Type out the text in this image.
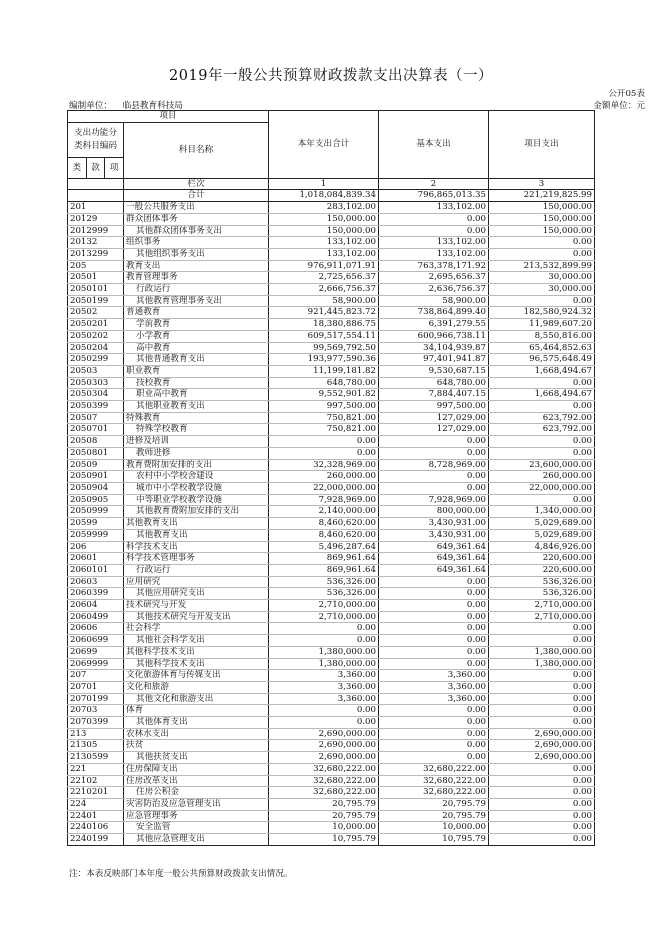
2019年一般公共预算财政拨款支出决算表（一）
公开05表
编制单位： 临县教育科技局	金额单位：元
项目		本年支出合计	基本支出	项目支出
支出功能分类科目编码	科目名称			

类 款 项				

	栏次	1	2	3
	合计	1,018,084,839.34	796,865,013.35	221,219,825.99
201	一般公共服务支出	283,102.00	133,102.00	150,000.00
20129	群众团体事务	150,000.00	0.00	150,000.00
2012999	其他群众团体事务支出	150,000.00	0.00	150,000.00
20132	组织事务	133,102.00	133,102.00	0.00
2013299	其他组织事务支出	133,102.00	133,102.00	0.00
205	教育支出	976,911,071.91	763,378,171.92	213,532,899.99
20501	教育管理事务	2,725,656.37	2,695,656.37	30,000.00
2050101	行政运行	2,666,756.37	2,636,756.37	30,000.00
2050199	其他教育管理事务支出	58,900.00	58,900.00	0.00
20502	普通教育	921,445,823.72	738,864,899.40	182,580,924.32
2050201	学前教育	18,380,886.75	6,391,279.55	11,989,607.20
2050202	小学教育	609,517,554.11	600,966,738.11	8,550,816.00
2050204	高中教育	99,569,792.50	34,104,939.87	65,464,852.63
2050299	其他普通教育支出	193,977,590.36	97,401,941.87	96,575,648.49
20503	职业教育	11,199,181.82	9,530,687.15	1,668,494.67
2050303	技校教育	648,780.00	648,780.00	0.00
2050304	职业高中教育	9,552,901.82	7,884,407.15	1,668,494.67
2050399	其他职业教育支出	997,500.00	997,500.00	0.00
20507	特殊教育	750,821.00	127,029.00	623,792.00
2050701	特殊学校教育	750,821.00	127,029.00	623,792.00
20508	进修及培训	0.00	0.00	0.00
2050801	教师进修	0.00	0.00	0.00
20509	教育费附加安排的支出	32,328,969.00	8,728,969.00	23,600,000.00
2050901	农村中小学校舍建设	260,000.00	0.00	260,000.00
2050904	城市中小学校教学设施	22,000,000.00	0.00	22,000,000.00
2050905	中等职业学校教学设施	7,928,969.00	7,928,969.00	0.00
2050999	其他教育费附加安排的支出	2,140,000.00	800,000.00	1,340,000.00
20599	其他教育支出	8,460,620.00	3,430,931.00	5,029,689.00
2059999	其他教育支出	8,460,620.00	3,430,931.00	5,029,689.00
206	科学技术支出	5,496,287.64	649,361.64	4,846,926.00
20601	科学技术管理事务	869,961.64	649,361.64	220,600.00
2060101	行政运行	869,961.64	649,361.64	220,600.00
20603	应用研究	536,326.00	0.00	536,326.00
2060399	其他应用研究支出	536,326.00	0.00	536,326.00
20604	技术研究与开发	2,710,000.00	0.00	2,710,000.00
2060499	其他技术研究与开发支出	2,710,000.00	0.00	2,710,000.00
20606	社会科学	0.00	0.00	0.00
2060699	其他社会科学支出	0.00	0.00	0.00
20699	其他科学技术支出	1,380,000.00	0.00	1,380,000.00
2069999	其他科学技术支出	1,380,000.00	0.00	1,380,000.00
207	文化旅游体育与传媒支出	3,360.00	3,360.00	0.00
20701	文化和旅游	3,360.00	3,360.00	0.00
2070199	其他文化和旅游支出	3,360.00	3,360.00	0.00
20703	体育	0.00	0.00	0.00
2070399	其他体育支出	0.00	0.00	0.00
213	农林水支出	2,690,000.00	0.00	2,690,000.00
21305	扶贫	2,690,000.00	0.00	2,690,000.00
2130599	其他扶贫支出	2,690,000.00	0.00	2,690,000.00
221	住房保障支出	32,680,222.00	32,680,222.00	0.00
22102	住房改革支出	32,680,222.00	32,680,222.00	0.00
2210201	住房公积金	32,680,222.00	32,680,222.00	0.00
224	灾害防治及应急管理支出	20,795.79	20,795.79	0.00
22401	应急管理事务	20,795.79	20,795.79	0.00
2240106	安全监管	10,000.00	10,000.00	0.00
2240199	其他应急管理支出	10,795.79	10,795.79	0.00
注：本表反映部门本年度一般公共预算财政拨款支出情况。
